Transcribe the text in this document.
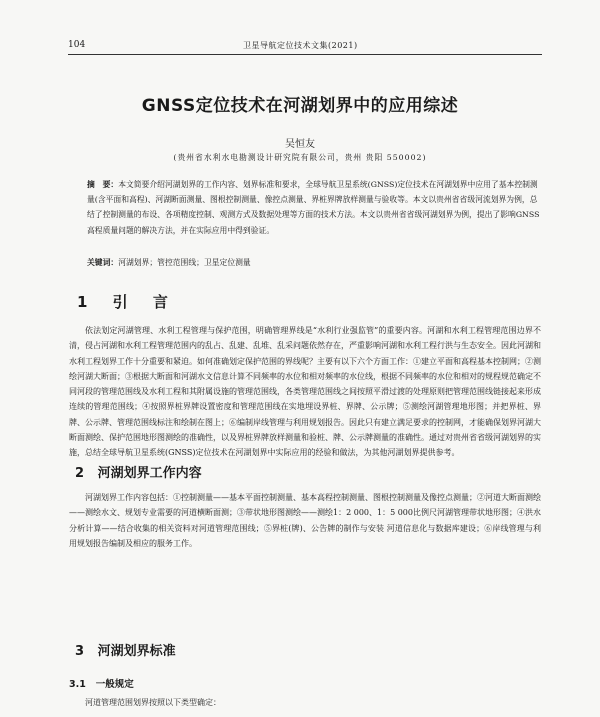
104	卫星导航定位技术文集(2021)
GNSS定位技术在河湖划界中的应用综述
吴恒友
(贵州省水利水电勘测设计研究院有限公司，贵州 贵阳 550002)
摘　要：本文简要介绍河湖划界的工作内容、划界标准和要求，全球导航卫星系统(GNSS)定位技术在河湖划界中应用了基本控制测量(含平面和高程)、河湖断面测量、图根控制测量、像控点测量、界桩界牌放样测量与验收等。本文以贵州省省级河流划界为例，总结了控制测量的布设、各项精度控制、观测方式及数据处理等方面的技术方法。本文以贵州省省级河湖划界为例，提出了影响GNSS高程质量问题的解决方法，并在实际应用中得到验证。
关键词：河湖划界；管控范围线；卫星定位测量
1 引 言
依法划定河湖管理、水利工程管理与保护范围，明确管理界线是“水利行业强监管”的重要内容。河湖和水利工程管理范围边界不清，侵占河湖和水利工程管理范围内的乱占、乱建、乱堆、乱采问题依然存在，严重影响河湖和水利工程行洪与生态安全。因此河湖和水利工程划界工作十分重要和紧迫。如何准确划定保护范围的界线呢？主要有以下六个方面工作：①建立平面和高程基本控制网；②测绘河湖大断面；③根据大断面和河湖水文信息计算不同频率的水位和相对频率的水位线，根据不同频率的水位和相对的规程规范确定不同河段的管理范围线及水利工程和其附属设施的管理范围线，各类管理范围线之间按照平滑过渡的处理原则把管理范围线链接起来形成连续的管理范围线；④按照界桩界牌设置密度和管理范围线在实地埋设界桩、界牌、公示牌；⑤测绘河湖管理地形图；并把界桩、界牌、公示牌、管理范围线标注和绘制在图上；⑥编制岸线管理与利用规划报告。因此只有建立满足要求的控制网，才能确保划界河湖大断面测绘、保护范围地形图测绘的准确性，以及界桩界牌放样测量和验桩、牌、公示牌测量的准确性。通过对贵州省省级河湖划界的实施，总结全球导航卫星系统(GNSS)定位技术在河湖划界中实际应用的经验和做法，为其他河湖划界提供参考。
2 河湖划界工作内容
河湖划界工作内容包括：①控制测量——基本平面控制测量、基本高程控制测量、图根控制测量及像控点测量；②河道大断面测绘——测绘水文、规划专业需要的河道横断面测；③带状地形图测绘——测绘1：2 000、1：5 000比例尺河湖管理带状地形图；④洪水分析计算——结合收集的相关资料对河道管理范围线；⑤界桩(牌)、公告牌的制作与安装 河道信息化与数据库建设；⑥岸线管理与利用规划报告编制及相应的服务工作。
3 河湖划界标准
3.1 一般规定
河道管理范围划界按照以下类型确定：
